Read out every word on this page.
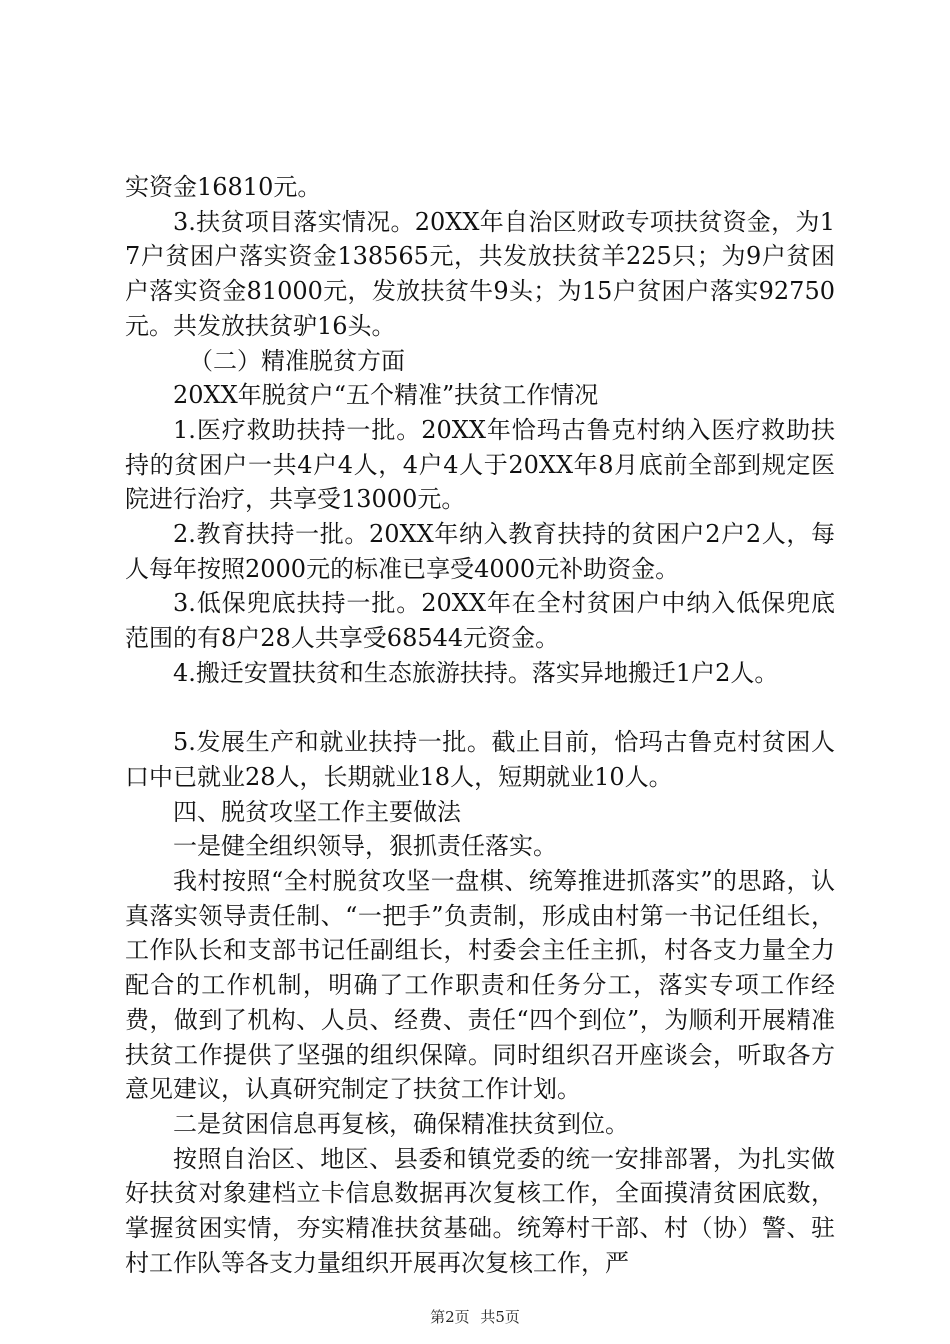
实资金16810元。

3.扶贫项目落实情况。20XX年自治区财政专项扶贫资金，为17户贫困户落实资金138565元，共发放扶贫羊225只；为9户贫困户落实资金81000元，发放扶贫牛9头；为15户贫困户落实92750元。共发放扶贫驴16头。

（二）精准脱贫方面

20XX年脱贫户“五个精准”扶贫工作情况

1.医疗救助扶持一批。20XX年恰玛古鲁克村纳入医疗救助扶持的贫困户一共4户4人，4户4人于20XX年8月底前全部到规定医院进行治疗，共享受13000元。

2.教育扶持一批。20XX年纳入教育扶持的贫困户2户2人，每人每年按照2000元的标准已享受4000元补助资金。

3.低保兜底扶持一批。20XX年在全村贫困户中纳入低保兜底范围的有8户28人共享受68544元资金。

4.搬迁安置扶贫和生态旅游扶持。落实异地搬迁1户2人。

5.发展生产和就业扶持一批。截止目前，恰玛古鲁克村贫困人口中已就业28人，长期就业18人，短期就业10人。

四、脱贫攻坚工作主要做法

一是健全组织领导，狠抓责任落实。

我村按照“全村脱贫攻坚一盘棋、统筹推进抓落实”的思路，认真落实领导责任制、“一把手”负责制，形成由村第一书记任组长，工作队长和支部书记任副组长，村委会主任主抓，村各支力量全力配合的工作机制，明确了工作职责和任务分工，落实专项工作经费，做到了机构、人员、经费、责任“四个到位”，为顺利开展精准扶贫工作提供了坚强的组织保障。同时组织召开座谈会，听取各方意见建议，认真研究制定了扶贫工作计划。

二是贫困信息再复核，确保精准扶贫到位。

按照自治区、地区、县委和镇党委的统一安排部署，为扎实做好扶贫对象建档立卡信息数据再次复核工作，全面摸清贫困底数，掌握贫困实情，夯实精准扶贫基础。统筹村干部、村（协）警、驻村工作队等各支力量组织开展再次复核工作，严

第2页 共5页
